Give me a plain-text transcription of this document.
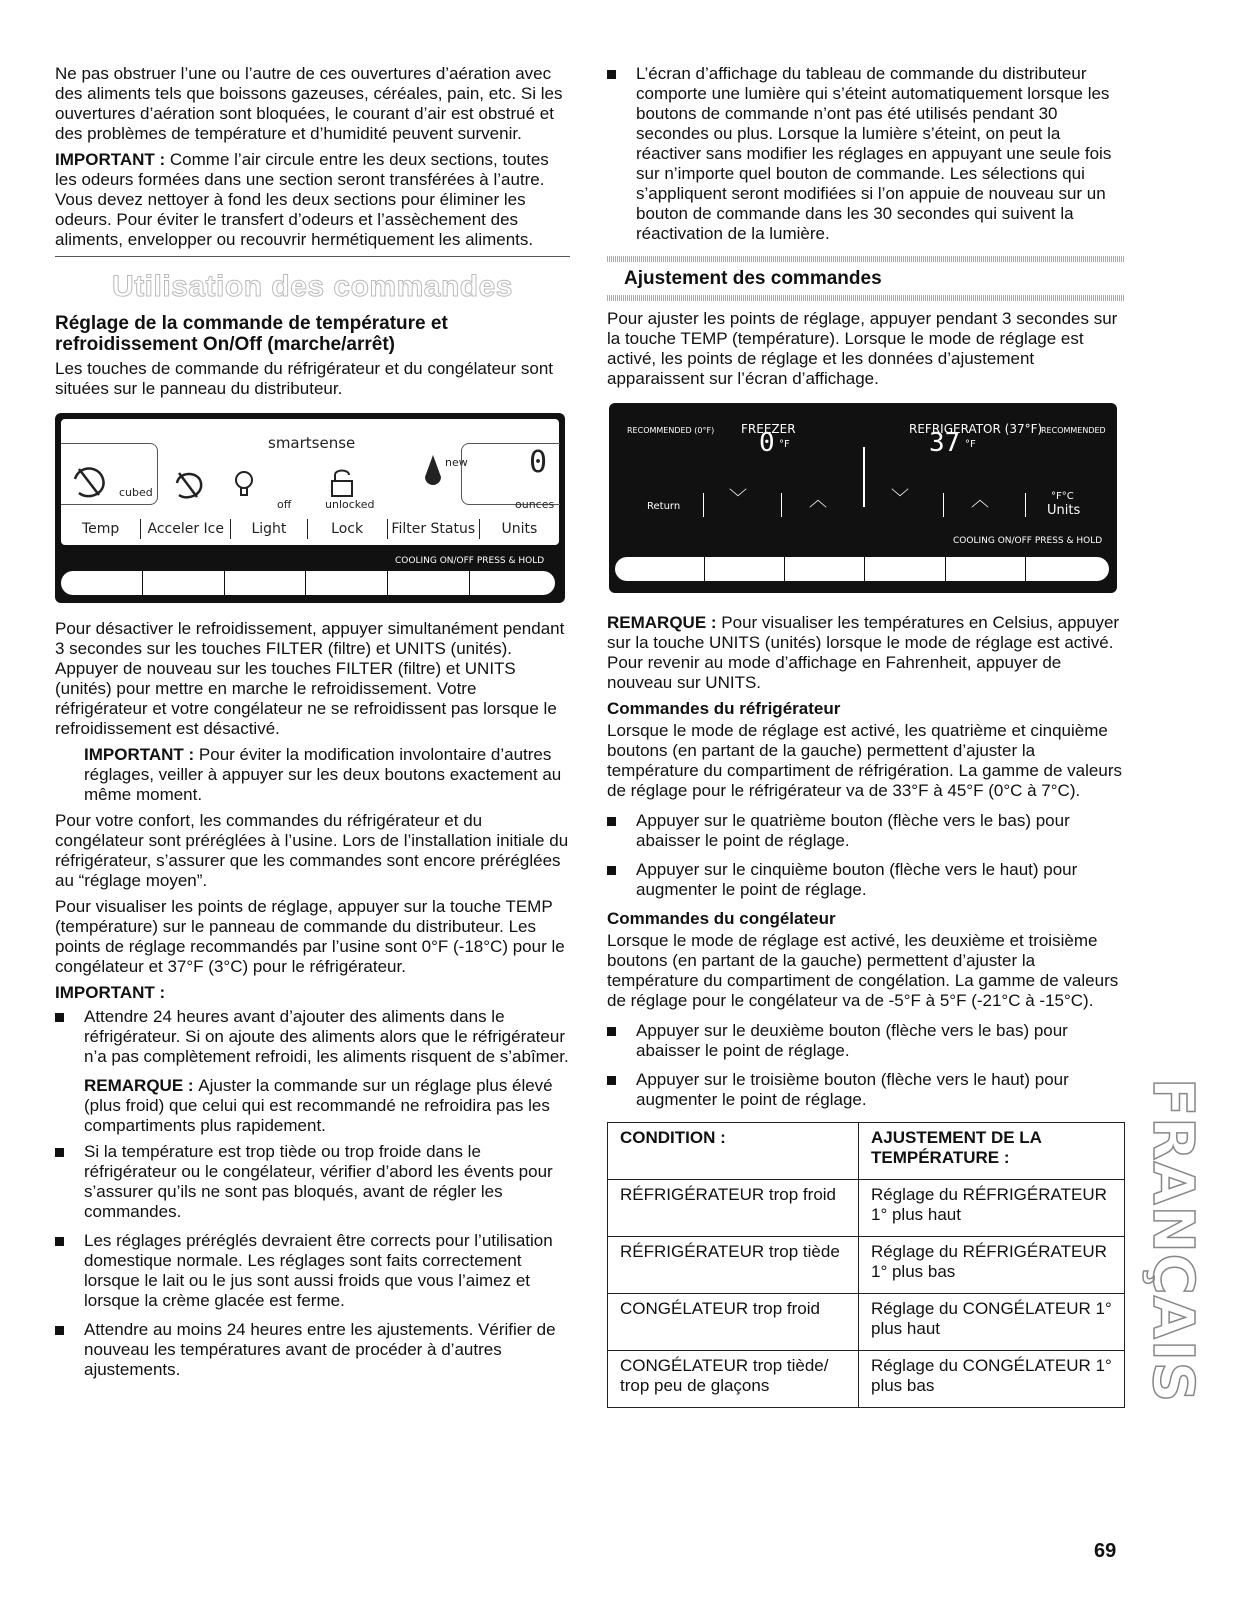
Ne pas obstruer l’une ou l’autre de ces ouvertures d’aération avec des aliments tels que boissons gazeuses, céréales, pain, etc. Si les ouvertures d’aération sont bloquées, le courant d’air est obstrué et des problèmes de température et d’humidité peuvent survenir.

IMPORTANT : Comme l’air circule entre les deux sections, toutes les odeurs formées dans une section seront transférées à l’autre. Vous devez nettoyer à fond les deux sections pour éliminer les odeurs. Pour éviter le transfert d’odeurs et l’assèchement des aliments, envelopper ou recouvrir hermétiquement les aliments.

Utilisation des commandes
Réglage de la commande de température et refroidissement On/Off (marche/arrêt)

Les touches de commande du réfrigérateur et du congélateur sont situées sur le panneau du distributeur.

smartsense
cubed
off	unlocked
new 0
ounces
Temp	Acceler Ice	Light	Lock	Filter Status	Units
COOLING ON/OFF PRESS & HOLD

Pour désactiver le refroidissement, appuyer simultanément pendant 3 secondes sur les touches FILTER (filtre) et UNITS (unités). Appuyer de nouveau sur les touches FILTER (filtre) et UNITS (unités) pour mettre en marche le refroidissement. Votre réfrigérateur et votre congélateur ne se refroidissent pas lorsque le refroidissement est désactivé.

IMPORTANT : Pour éviter la modification involontaire d’autres réglages, veiller à appuyer sur les deux boutons exactement au même moment.

Pour votre confort, les commandes du réfrigérateur et du congélateur sont préréglées à l’usine. Lors de l’installation initiale du réfrigérateur, s’assurer que les commandes sont encore préréglées au “réglage moyen”.

Pour visualiser les points de réglage, appuyer sur la touche TEMP (température) sur le panneau de commande du distributeur. Les points de réglage recommandés par l’usine sont 0°F (-18°C) pour le congélateur et 37°F (3°C) pour le réfrigérateur.

IMPORTANT :

Attendre 24 heures avant d’ajouter des aliments dans le réfrigérateur. Si on ajoute des aliments alors que le réfrigérateur n’a pas complètement refroidi, les aliments risquent de s’abîmer.

REMARQUE : Ajuster la commande sur un réglage plus élevé (plus froid) que celui qui est recommandé ne refroidira pas les compartiments plus rapidement.

Si la température est trop tiède ou trop froide dans le réfrigérateur ou le congélateur, vérifier d’abord les évents pour s’assurer qu’ils ne sont pas bloqués, avant de régler les commandes.
Les réglages préréglés devraient être corrects pour l’utilisation domestique normale. Les réglages sont faits correctement lorsque le lait ou le jus sont aussi froids que vous l’aimez et lorsque la crème glacée est ferme.
Attendre au moins 24 heures entre les ajustements. Vérifier de nouveau les températures avant de procéder à d’autres ajustements.
L’écran d’affichage du tableau de commande du distributeur comporte une lumière qui s’éteint automatiquement lorsque les boutons de commande n’ont pas été utilisés pendant 30 secondes ou plus. Lorsque la lumière s’éteint, on peut la réactiver sans modifier les réglages en appuyant une seule fois sur n’importe quel bouton de commande. Les sélections qui s’appliquent seront modifiées si l’on appuie de nouveau sur un bouton de commande dans les 30 secondes qui suivent la réactivation de la lumière.
Ajustement des commandes

Pour ajuster les points de réglage, appuyer pendant 3 secondes sur la touche TEMP (température). Lorsque le mode de réglage est activé, les points de réglage et les données d’ajustement apparaissent sur l’écran d’affichage.

RECOMMENDED (0°F) FREEZER
0 °F
REFRIGERATOR (37°F)
RECOMMENDED
37 °F
Return	﹀	︿	﹀	︿	°F°C
Units
COOLING ON/OFF PRESS & HOLD

REMARQUE : Pour visualiser les températures en Celsius, appuyer sur la touche UNITS (unités) lorsque le mode de réglage est activé. Pour revenir au mode d’affichage en Fahrenheit, appuyer de nouveau sur UNITS.

Commandes du réfrigérateur

Lorsque le mode de réglage est activé, les quatrième et cinquième boutons (en partant de la gauche) permettent d’ajuster la température du compartiment de réfrigération. La gamme de valeurs de réglage pour le réfrigérateur va de 33°F à 45°F (0°C à 7°C).

Appuyer sur le quatrième bouton (flèche vers le bas) pour abaisser le point de réglage.
Appuyer sur le cinquième bouton (flèche vers le haut) pour augmenter le point de réglage.
Commandes du congélateur

Lorsque le mode de réglage est activé, les deuxième et troisième boutons (en partant de la gauche) permettent d’ajuster la température du compartiment de congélation. La gamme de valeurs de réglage pour le congélateur va de -5°F à 5°F (-21°C à -15°C).

Appuyer sur le deuxième bouton (flèche vers le bas) pour abaisser le point de réglage.
Appuyer sur le troisième bouton (flèche vers le haut) pour augmenter le point de réglage.
CONDITION :	AJUSTEMENT DE LA TEMPÉRATURE :
RÉFRIGÉRATEUR trop froid	Réglage du RÉFRIGÉRATEUR 1° plus haut
RÉFRIGÉRATEUR trop tiède	Réglage du RÉFRIGÉRATEUR 1° plus bas
CONGÉLATEUR trop froid	Réglage du CONGÉLATEUR 1° plus haut
CONGÉLATEUR trop tiède/ trop peu de glaçons	Réglage du CONGÉLATEUR 1° plus bas	FRANÇAIS
69
